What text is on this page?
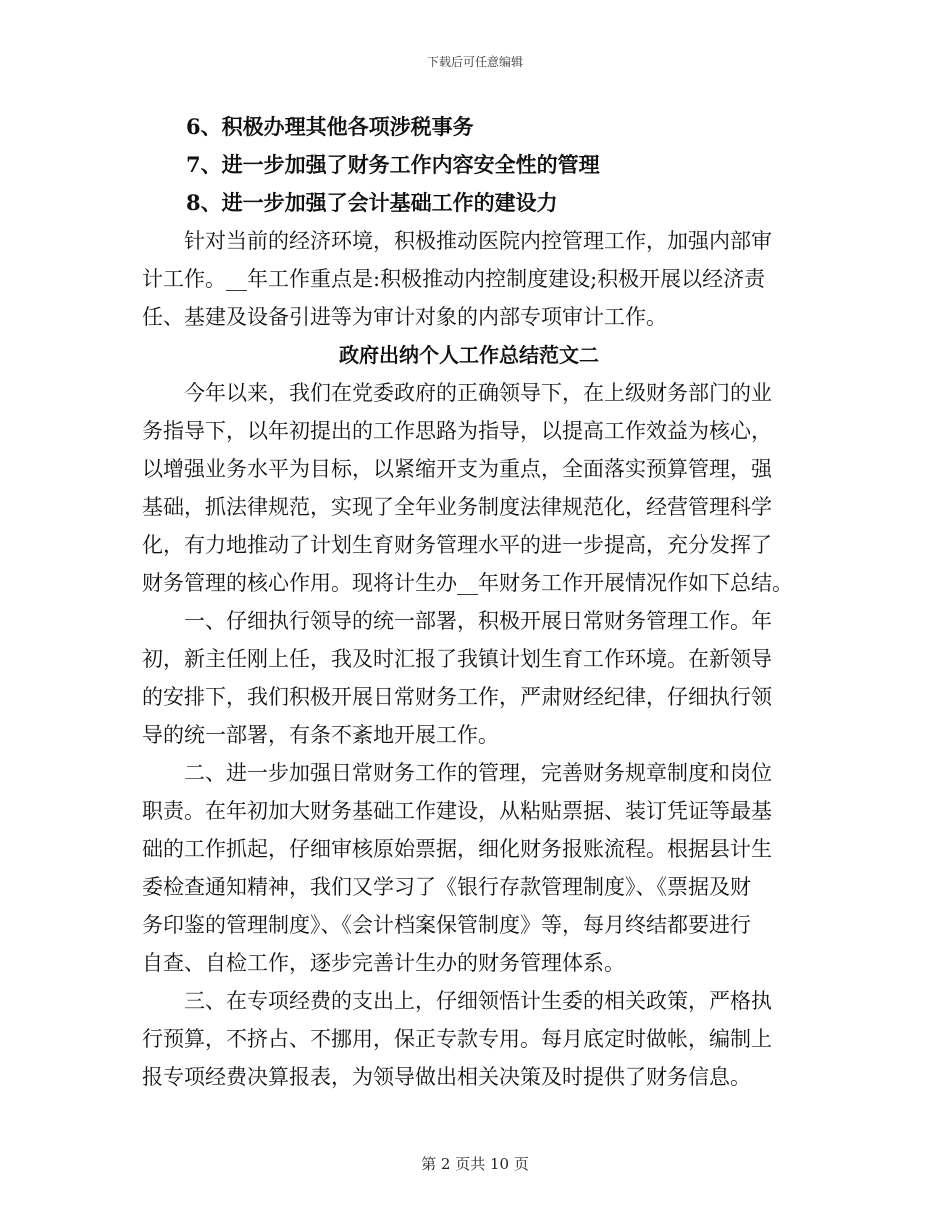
下载后可任意编辑
6、积极办理其他各项涉税事务
7、进一步加强了财务工作内容安全性的管理
8、进一步加强了会计基础工作的建设力
针对当前的经济环境，积极推动医院内控管理工作，加强内部审
计工作。__年工作重点是:积极推动内控制度建设;积极开展以经济责
任、基建及设备引进等为审计对象的内部专项审计工作。
政府出纳个人工作总结范文二
今年以来，我们在党委政府的正确领导下，在上级财务部门的业
务指导下，以年初提出的工作思路为指导，以提高工作效益为核心，
以增强业务水平为目标，以紧缩开支为重点，全面落实预算管理，强
基础，抓法律规范，实现了全年业务制度法律规范化，经营管理科学
化，有力地推动了计划生育财务管理水平的进一步提高，充分发挥了
财务管理的核心作用。现将计生办__年财务工作开展情况作如下总结。
一、仔细执行领导的统一部署，积极开展日常财务管理工作。年
初，新主任刚上任，我及时汇报了我镇计划生育工作环境。在新领导
的安排下，我们积极开展日常财务工作，严肃财经纪律，仔细执行领
导的统一部署，有条不紊地开展工作。
二、进一步加强日常财务工作的管理，完善财务规章制度和岗位
职责。在年初加大财务基础工作建设，从粘贴票据、装订凭证等最基
础的工作抓起，仔细审核原始票据，细化财务报账流程。根据县计生
委检查通知精神，我们又学习了《银行存款管理制度》、《票据及财
务印鉴的管理制度》、《会计档案保管制度》等，每月终结都要进行
自查、自检工作，逐步完善计生办的财务管理体系。
三、在专项经费的支出上，仔细领悟计生委的相关政策，严格执
行预算，不挤占、不挪用，保正专款专用。每月底定时做帐，编制上
报专项经费决算报表，为领导做出相关决策及时提供了财务信息。
第 2 页共 10 页
